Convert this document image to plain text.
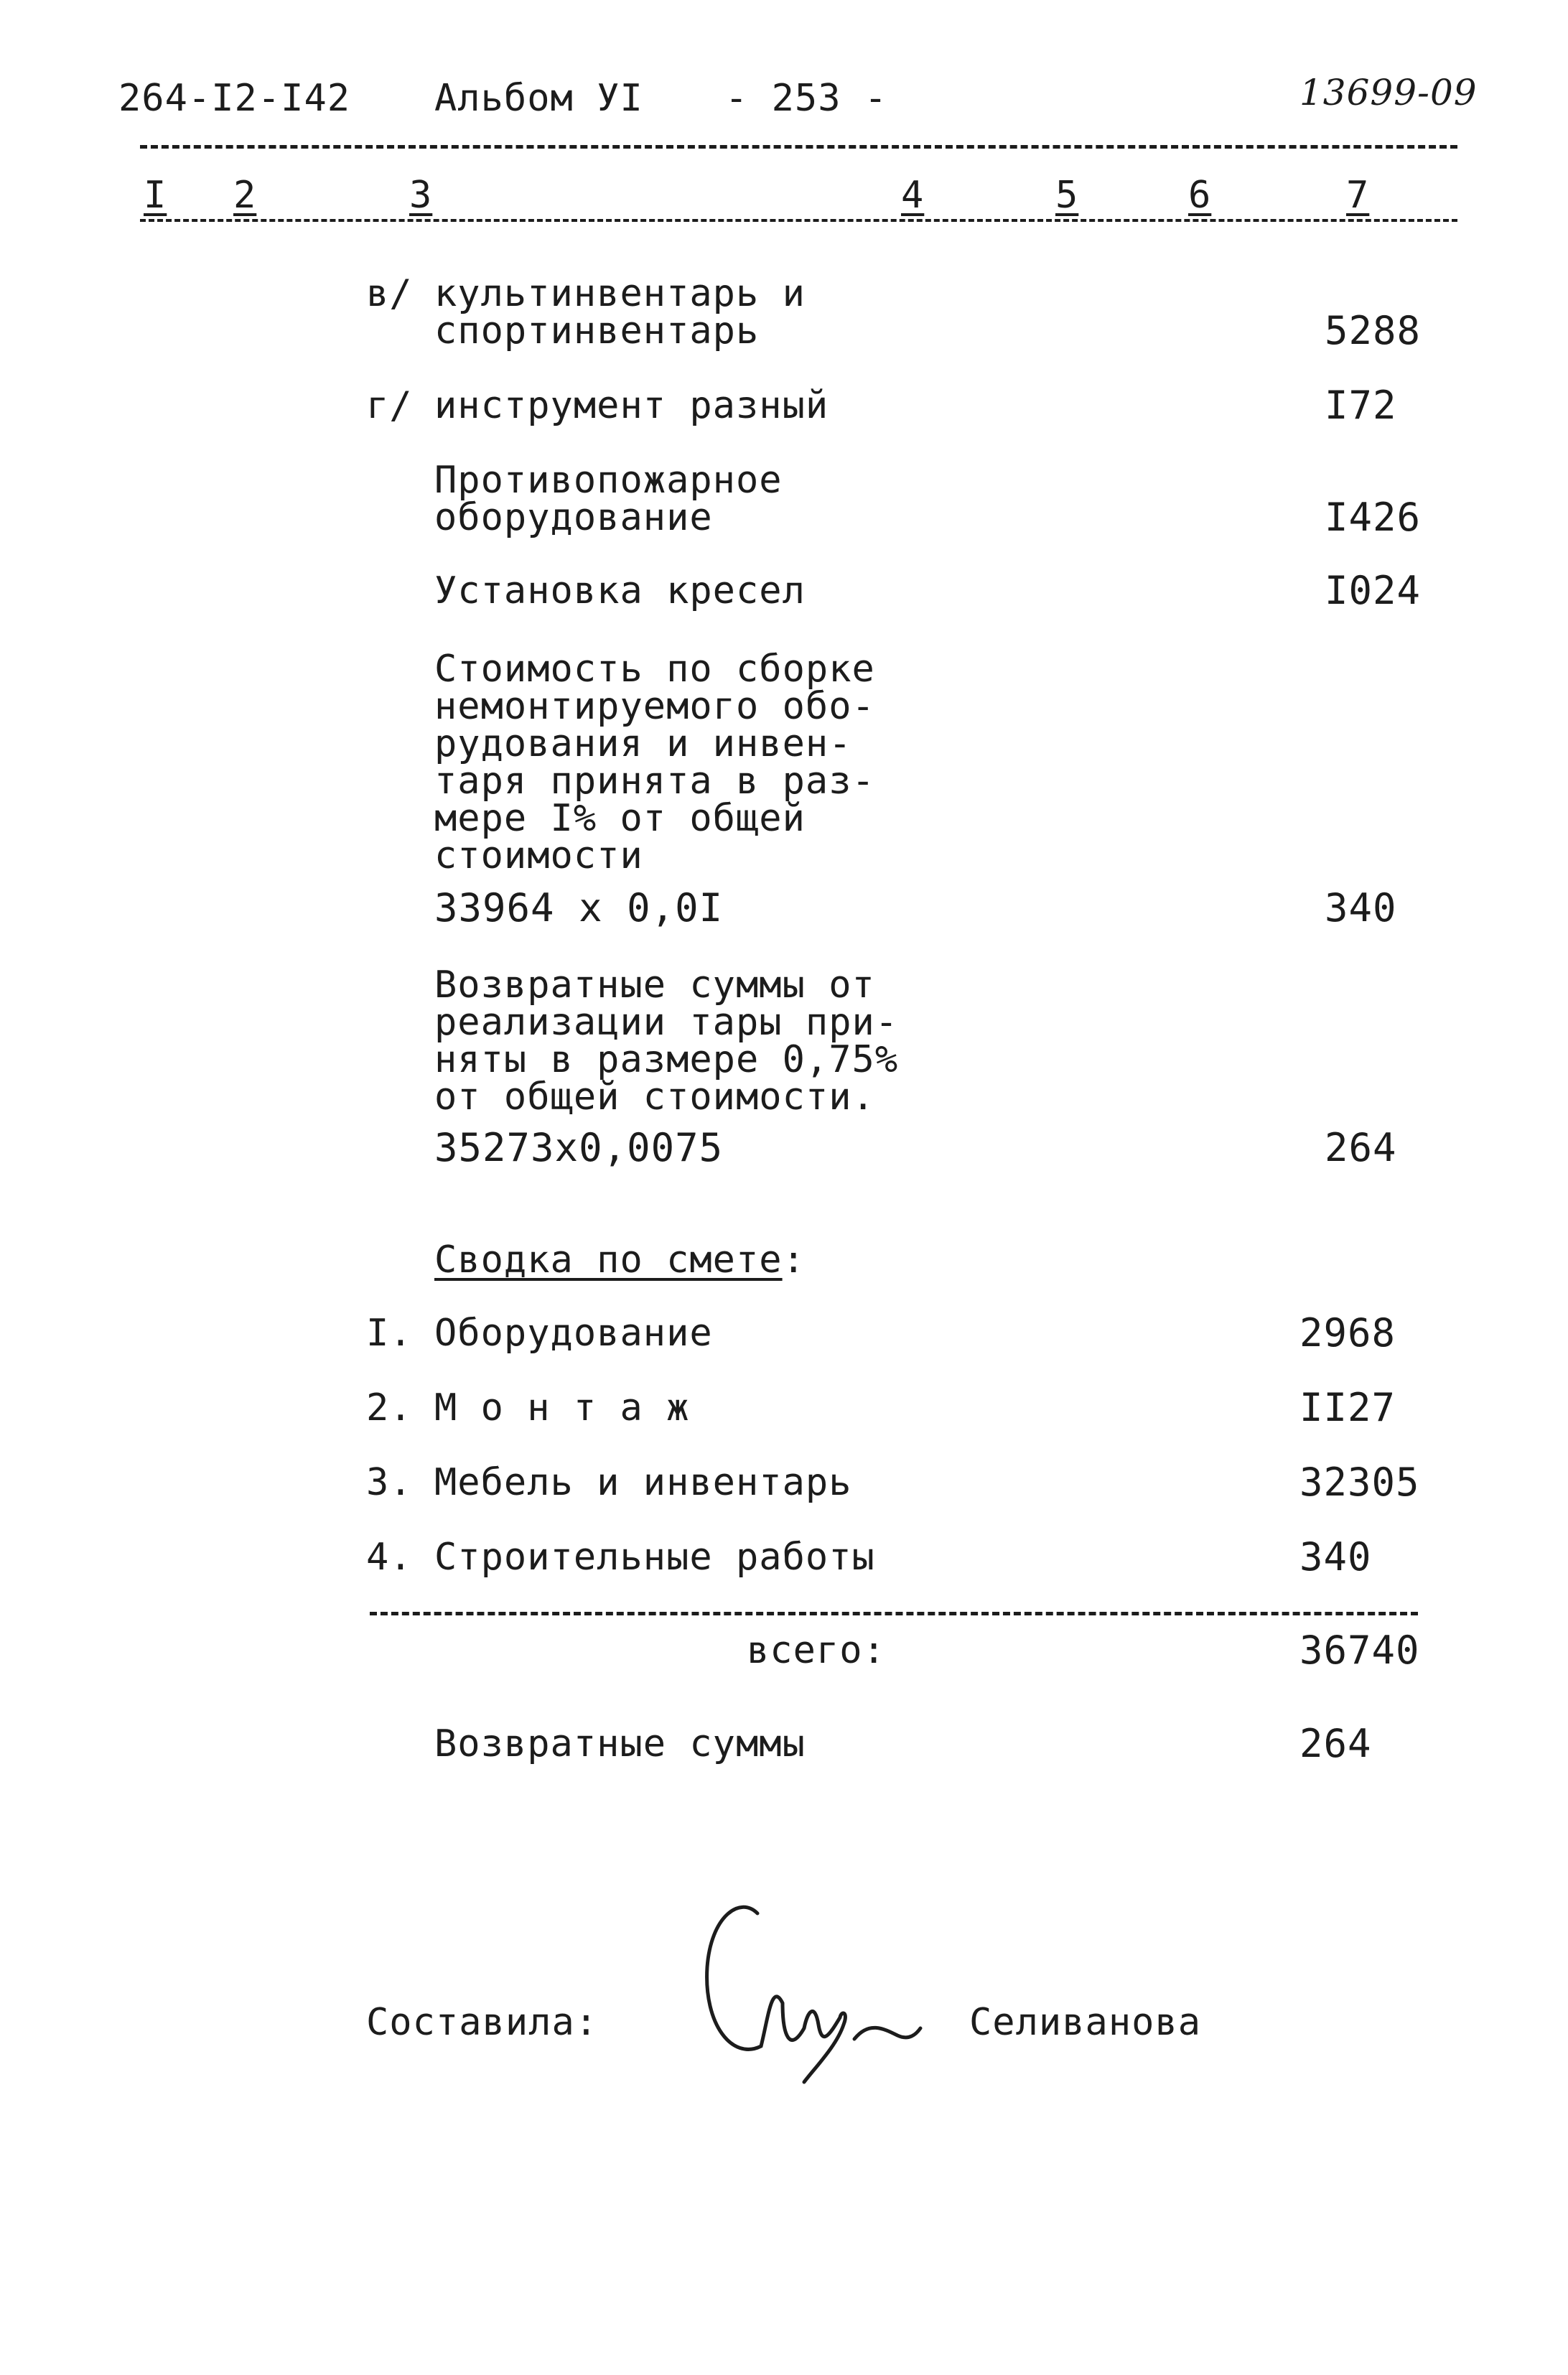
264-I2-I42 Альбом УI - 253 -	13699-09
I 2	3	4	5	6	7
в/ культинвентарь и
спортинвентарь	5288
г/ инструмент разный	I72
Противопожарное
оборудование	I426
Установка кресел	I024
Стоимость по сборке
немонтируемого обо-
рудования и инвен-
таря принята в раз-
мере I% от общей
стоимости
33964 x 0,0I	340
Возвратные суммы от
реализации тары при-
няты в размере 0,75%
от общей стоимости.
35273х0,0075	264
Сводка по смете:
I. Оборудование	2968
2. М о н т а ж	II27
3. Мебель и инвентарь	32305
4. Строительные работы	340
всего:	36740
Возвратные суммы	264
Составила:	Селиванова
